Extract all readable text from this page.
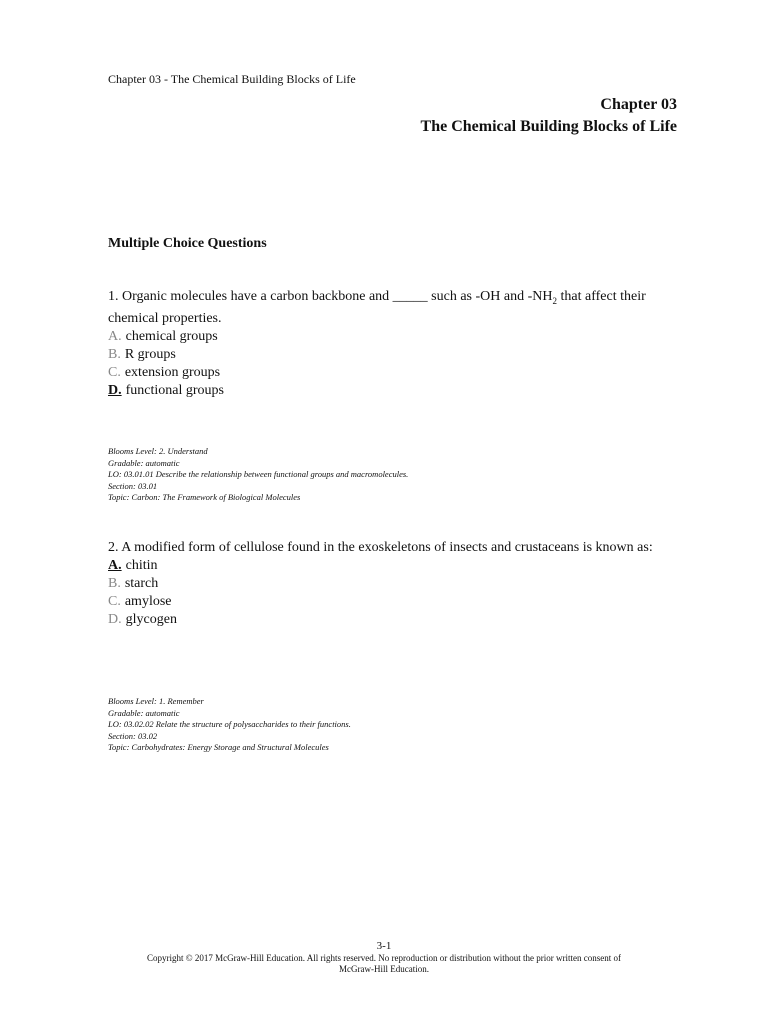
Chapter 03 - The Chemical Building Blocks of Life
Chapter 03
The Chemical Building Blocks of Life
Multiple Choice Questions
1. Organic molecules have a carbon backbone and _____ such as -OH and $-NH_2$ that affect their chemical properties.
A. chemical groups
B. R groups
C. extension groups
D. functional groups
Blooms Level: 2. Understand
Gradable: automatic
LO: 03.01.01 Describe the relationship between functional groups and macromolecules.
Section: 03.01
Topic: Carbon: The Framework of Biological Molecules
2. A modified form of cellulose found in the exoskeletons of insects and crustaceans is known as:
A. chitin
B. starch
C. amylose
D. glycogen
Blooms Level: 1. Remember
Gradable: automatic
LO: 03.02.02 Relate the structure of polysaccharides to their functions.
Section: 03.02
Topic: Carbohydrates: Energy Storage and Structural Molecules
3-1
Copyright © 2017 McGraw-Hill Education. All rights reserved. No reproduction or distribution without the prior written consent of
McGraw-Hill Education.
